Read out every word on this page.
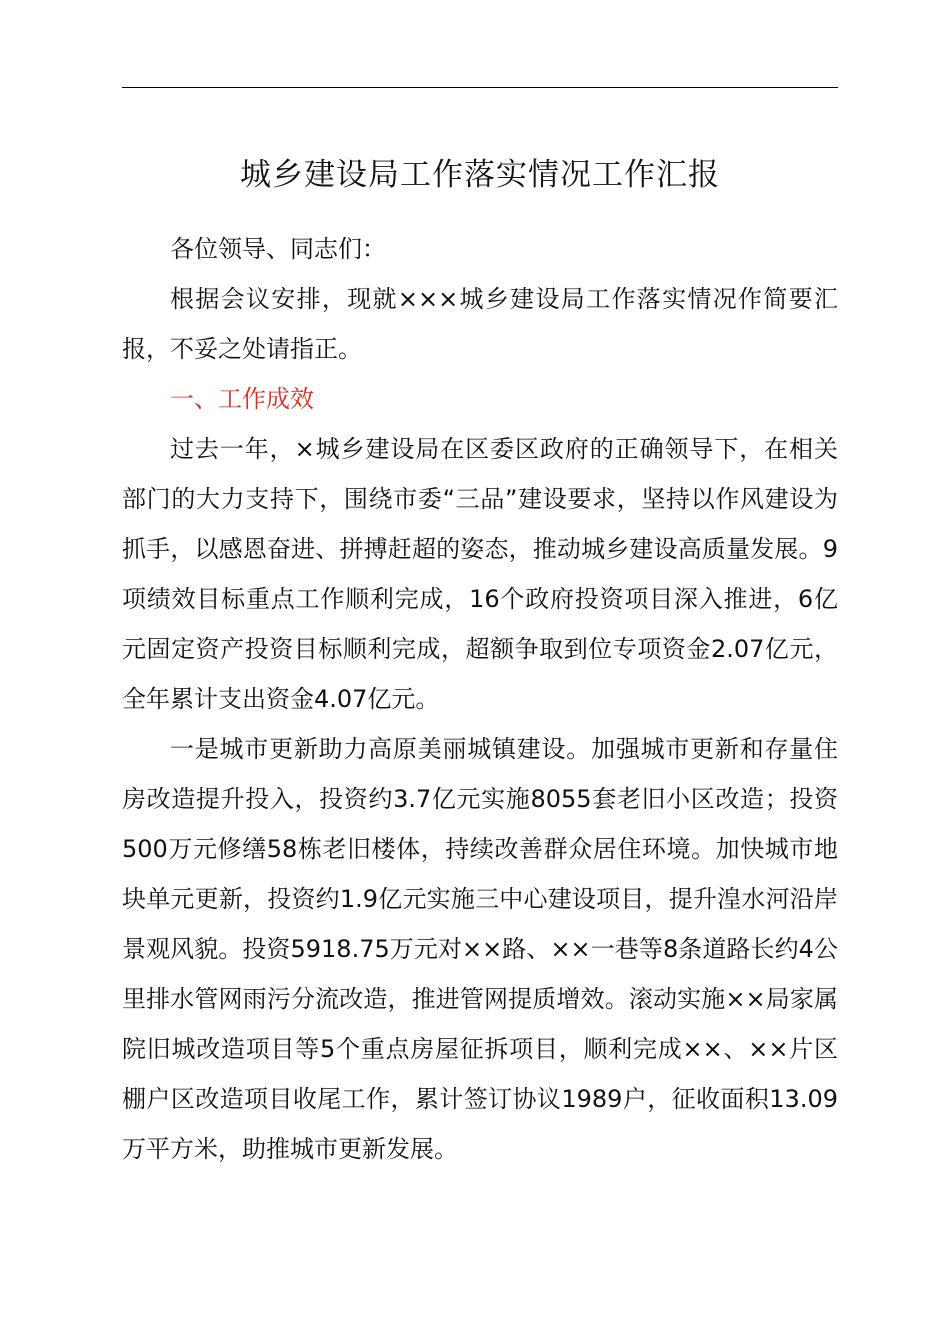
城乡建设局工作落实情况工作汇报

各位领导、同志们：

根据会议安排，现就×××城乡建设局工作落实情况作简要汇报，不妥之处请指正。

一、工作成效

过去一年，×城乡建设局在区委区政府的正确领导下，在相关部门的大力支持下，围绕市委“三品”建设要求，坚持以作风建设为抓手，以感恩奋进、拼搏赶超的姿态，推动城乡建设高质量发展。9项绩效目标重点工作顺利完成，16个政府投资项目深入推进，6亿元固定资产投资目标顺利完成，超额争取到位专项资金2.07亿元，全年累计支出资金4.07亿元。

一是城市更新助力高原美丽城镇建设。加强城市更新和存量住房改造提升投入，投资约3.7亿元实施8055套老旧小区改造；投资500万元修缮58栋老旧楼体，持续改善群众居住环境。加快城市地块单元更新，投资约1.9亿元实施三中心建设项目，提升湟水河沿岸景观风貌。投资5918.75万元对××路、××一巷等8条道路长约4公里排水管网雨污分流改造，推进管网提质增效。滚动实施××局家属院旧城改造项目等5个重点房屋征拆项目，顺利完成××、××片区棚户区改造项目收尾工作，累计签订协议1989户，征收面积13.09万平方米，助推城市更新发展。
